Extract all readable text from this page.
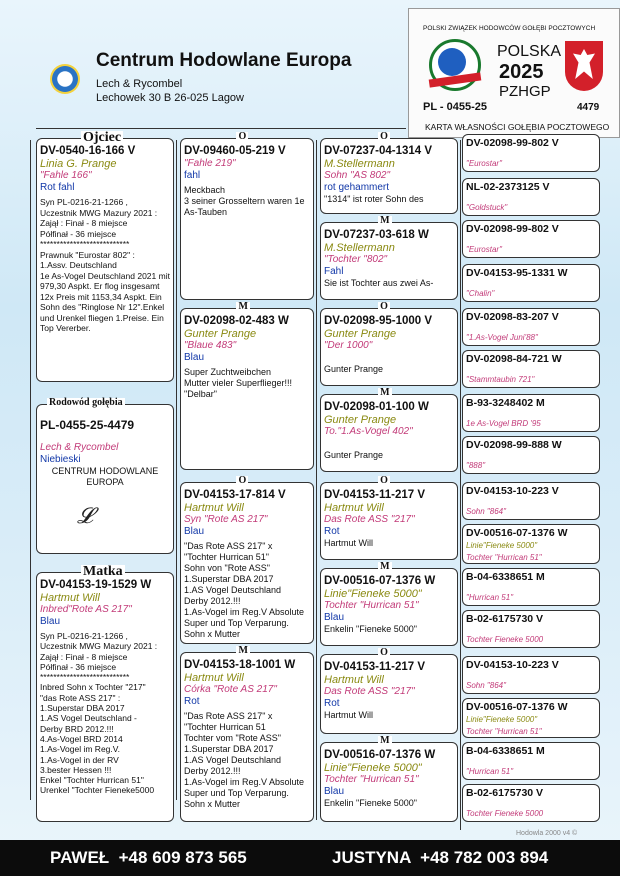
Centrum Hodowlane Europa
Lech & Rycombel
Lechowek 30 B 26-025 Lagow
POLSKI ZWIĄZEK HODOWCÓW GOŁĘBI POCZTOWYCH
POLSKA
2025
PZHGP
PL - 0455-25	4479
KARTA WŁASNOŚCI GOŁĘBIA POCZTOWEGO
Ojciec
DV-0540-16-166 V
Linia G. Prange
"Fahle 166"
Rot fahl
Syn PL-0216-21-1266 ,
Uczestnik MWG Mazury 2021 :
Zajął : Finał - 8 miejsce
Półfinał - 36 miejsce
***************************
Prawnuk "Eurostar 802" :
1.Assv. Deutschland
1e As-Vogel Deutschland 2021 mit 979,30 Aspkt. Er flog insgesamt 12x Preis mit 1153,34 Aspkt. Ein Sohn des "Ringlose Nr 12".Enkel und Urenkel fliegen 1.Preise. Ein Top Vererber.
Rodowód gołębia
PL-0455-25-4479
Lech & Rycombel
Niebieski
CENTRUM HODOWLANE EUROPA
𝓛
Matka
DV-04153-19-1529 W
Hartmut Will
Inbred"Rote AS 217"
Blau
Syn PL-0216-21-1266 ,
Uczestnik MWG Mazury 2021 :
Zajął : Finał - 8 miejsce
Półfinał - 36 miejsce
***************************
Inbred Sohn x Tochter "217"
"das Rote ASS 217" :
1.Superstar DBA 2017
1.AS Vogel Deutschland -
Derby BRD 2012.!!!
4.As-Vogel BRD 2014
1.As-Vogel im Reg.V.
1.As-Vogel in der RV
3.bester Hessen !!!
Enkel "Tochter Hurrican 51"
Urenkel "Tochter Fieneke5000
O
DV-09460-05-219 V
"Fahle 219"
fahl
Meckbach
3 seiner Grosseltern waren 1e As-Tauben
M
DV-02098-02-483 W
Gunter Prange
"Blaue 483"
Blau
Super Zuchtweibchen
Mutter vieler Superflieger!!!
"Delbar"
O
DV-04153-17-814 V
Hartmut Will
Syn "Rote AS 217"
Blau
"Das Rote ASS 217" x
"Tochter Hurrican 51"
Sohn von "Rote ASS"
1.Superstar DBA 2017
1.AS Vogel Deutschland
Derby 2012.!!!
1.As-Vogel im Reg.V Absolute Super und Top Verparung. Sohn x Mutter
M
DV-04153-18-1001 W
Hartmut Will
Córka "Rote AS 217"
Rot
"Das Rote ASS 217" x
"Tochter Hurrican 51
Tochter vom "Rote ASS"
1.Superstar DBA 2017
1.AS Vogel Deutschland
Derby 2012.!!!
1.As-Vogel im Reg.V Absolute Super und Top Verparung. Sohn x Mutter
O
DV-07237-04-1314 V
M.Stellermann
Sohn "AS 802"
rot gehammert
"1314" ist roter Sohn des
M
DV-07237-03-618 W
M.Stellermann
"Tochter "802"
Fahl
Sie ist Tochter aus zwei As-
O
DV-02098-95-1000 V
Gunter Prange
"Der 1000"
Gunter Prange
M
DV-02098-01-100 W
Gunter Prange
To."1.As-Vogel 402"
Gunter Prange
O
DV-04153-11-217 V
Hartmut Will
Das Rote ASS "217"
Rot
Hartmut Will
M
DV-00516-07-1376 W
Linie"Fieneke 5000"
Tochter "Hurrican 51"
Blau
Enkelin "Fieneke 5000"
O
DV-04153-11-217 V
Hartmut Will
Das Rote ASS "217"
Rot
Hartmut Will
M
DV-00516-07-1376 W
Linie"Fieneke 5000"
Tochter "Hurrican 51"
Blau
Enkelin "Fieneke 5000"
DV-02098-99-802 V
"Eurostar"
NL-02-2373125 V
"Goldstuck"
DV-02098-99-802 V
"Eurostar"
DV-04153-95-1331 W
"Chalin"
DV-02098-83-207 V
"1.As-Vogel Juni'88"
DV-02098-84-721 W
"Stammtaubin 721"
B-93-3248402 M
1e As-Vogel BRD '95
DV-02098-99-888 W
"888"
DV-04153-10-223 V
Sohn "864"
DV-00516-07-1376 W
Linie"Fieneke 5000"
Tochter "Hurrican 51"
B-04-6338651 M
"Hurrican 51"
B-02-6175730 V
Tochter Fieneke 5000
DV-04153-10-223 V
Sohn "864"
DV-00516-07-1376 W
Linie"Fieneke 5000"
Tochter "Hurrican 51"
B-04-6338651 M
"Hurrican 51"
B-02-6175730 V
Tochter Fieneke 5000
Hodowla 2000 v4 ©
PAWEŁ  +48 609 873 565	JUSTYNA  +48 782 003 894
